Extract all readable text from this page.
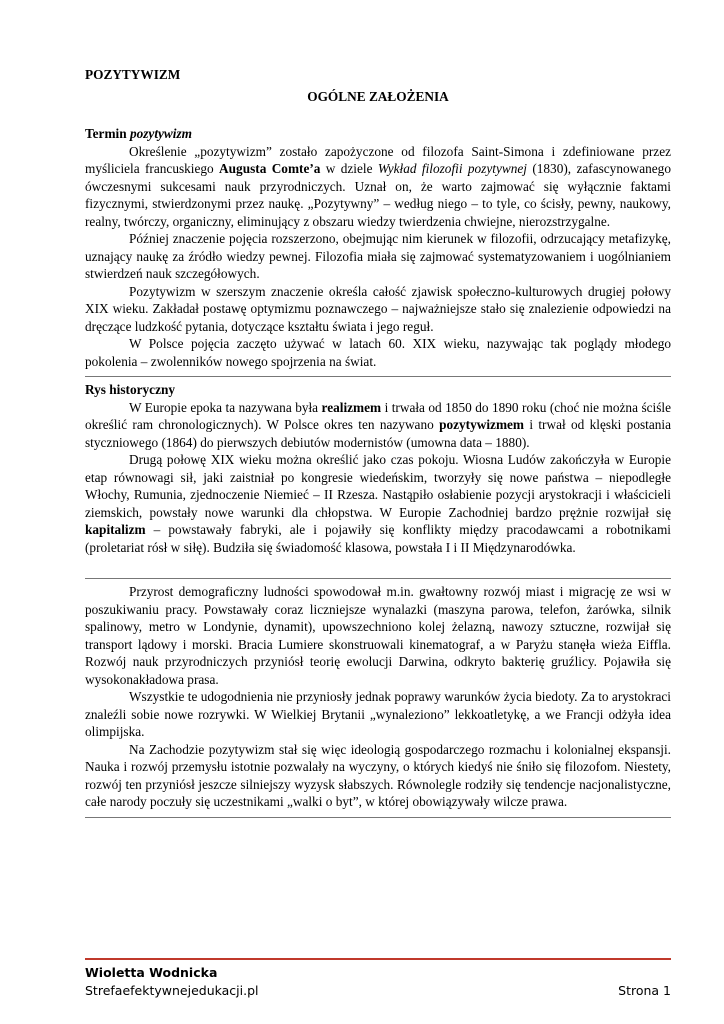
POZYTYWIZM
OGÓLNE ZAŁOŻENIA
Termin pozytywizm

Określenie „pozytywizm” zostało zapożyczone od filozofa Saint-Simona i zdefiniowane przez myśliciela francuskiego Augusta Comte’a w dziele Wykład filozofii pozytywnej (1830), zafascynowanego ówczesnymi sukcesami nauk przyrodniczych. Uznał on, że warto zajmować się wyłącznie faktami fizycznymi, stwierdzonymi przez naukę. „Pozytywny” – według niego – to tyle, co ścisły, pewny, naukowy, realny, twórczy, organiczny, eliminujący z obszaru wiedzy twierdzenia chwiejne, nierozstrzygalne.

Później znaczenie pojęcia rozszerzono, obejmując nim kierunek w filozofii, odrzucający metafizykę, uznający naukę za źródło wiedzy pewnej. Filozofia miała się zajmować systematyzowaniem i uogólnianiem stwierdzeń nauk szczegółowych.

Pozytywizm w szerszym znaczenie określa całość zjawisk społeczno-kulturowych drugiej połowy XIX wieku. Zakładał postawę optymizmu poznawczego – najważniejsze stało się znalezienie odpowiedzi na dręczące ludzkość pytania, dotyczące kształtu świata i jego reguł.

W Polsce pojęcia zaczęto używać w latach 60. XIX wieku, nazywając tak poglądy młodego pokolenia – zwolenników nowego spojrzenia na świat.

Rys historyczny

W Europie epoka ta nazywana była realizmem i trwała od 1850 do 1890 roku (choć nie można ściśle określić ram chronologicznych). W Polsce okres ten nazywano pozytywizmem i trwał od klęski postania styczniowego (1864) do pierwszych debiutów modernistów (umowna data – 1880).

Drugą połowę XIX wieku można określić jako czas pokoju. Wiosna Ludów zakończyła w Europie etap równowagi sił, jaki zaistniał po kongresie wiedeńskim, tworzyły się nowe państwa – niepodległe Włochy, Rumunia, zjednoczenie Niemieć – II Rzesza. Nastąpiło osłabienie pozycji arystokracji i właścicieli ziemskich, powstały nowe warunki dla chłopstwa. W Europie Zachodniej bardzo prężnie rozwijał się kapitalizm – powstawały fabryki, ale i pojawiły się konflikty między pracodawcami a robotnikami (proletariat rósł w siłę). Budziła się świadomość klasowa, powstała I i II Międzynarodówka.

Przyrost demograficzny ludności spowodował m.in. gwałtowny rozwój miast i migrację ze wsi w poszukiwaniu pracy. Powstawały coraz liczniejsze wynalazki (maszyna parowa, telefon, żarówka, silnik spalinowy, metro w Londynie, dynamit), upowszechniono kolej żelazną, nawozy sztuczne, rozwijał się transport lądowy i morski. Bracia Lumiere skonstruowali kinematograf, a w Paryżu stanęła wieża Eiffla. Rozwój nauk przyrodniczych przyniósł teorię ewolucji Darwina, odkryto bakterię gruźlicy. Pojawiła się wysokonakładowa prasa.

Wszystkie te udogodnienia nie przyniosły jednak poprawy warunków życia biedoty. Za to arystokraci znaleźli sobie nowe rozrywki. W Wielkiej Brytanii „wynaleziono” lekkoatletykę, a we Francji odżyła idea olimpijska.

Na Zachodzie pozytywizm stał się więc ideologią gospodarczego rozmachu i kolonialnej ekspansji. Nauka i rozwój przemysłu istotnie pozwalały na wyczyny, o których kiedyś nie śniło się filozofom. Niestety, rozwój ten przyniósł jeszcze silniejszy wyzysk słabszych. Równolegle rodziły się tendencje nacjonalistyczne, całe narody poczuły się uczestnikami „walki o byt”, w której obowiązywały wilcze prawa.

Wioletta Wodnicka
Strefaefektywnejedukacji.pl	Strona 1
